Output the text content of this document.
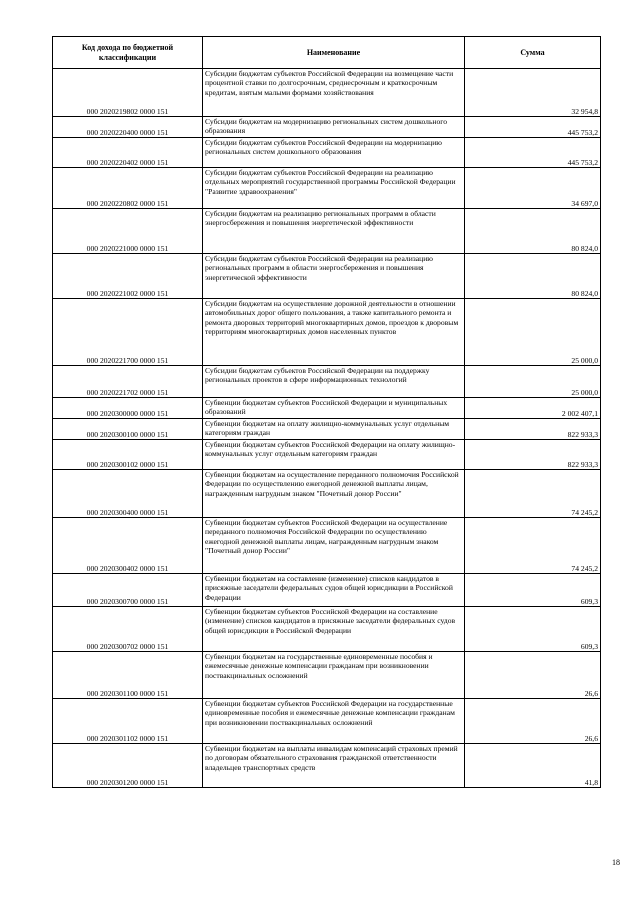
Код дохода по бюджетной классификации	Наименование	Сумма
000 2020219802 0000 151	Субсидии бюджетам субъектов Российской Федерации на возмещение части процентной ставки по долгосрочным, среднесрочным и краткосрочным кредитам, взятым малыми формами хозяйствования	32 954,8
000 2020220400 0000 151	Субсидии бюджетам на модернизацию региональных систем дошкольного образования	445 753,2
000 2020220402 0000 151	Субсидии бюджетам субъектов Российской Федерации на модернизацию региональных систем дошкольного образования	445 753,2
000 2020220802 0000 151	Субсидии бюджетам субъектов Российской Федерации на реализацию отдельных мероприятий государственной программы Российской Федерации "Развитие здравоохранения"	34 697,0
000 2020221000 0000 151	Субсидии бюджетам на реализацию региональных программ в области энергосбережения и повышения энергетической эффективности	80 824,0
000 2020221002 0000 151	Субсидии бюджетам субъектов Российской Федерации на реализацию региональных программ в области энергосбережения и повышения энергетической эффективности	80 824,0
000 2020221700 0000 151	Субсидии бюджетам на осуществление дорожной деятельности в отношении автомобильных дорог общего пользования, а также капитального ремонта и ремонта дворовых территорий многоквартирных домов, проездов к дворовым территориям многоквартирных домов населенных пунктов	25 000,0
000 2020221702 0000 151	Субсидии бюджетам субъектов Российской Федерации на поддержку региональных проектов в сфере информационных технологий	25 000,0
000 2020300000 0000 151	Субвенции бюджетам субъектов Российской Федерации и муниципальных образований	2 002 407,1
000 2020300100 0000 151	Субвенции бюджетам на оплату жилищно-коммунальных услуг отдельным категориям граждан	822 933,3
000 2020300102 0000 151	Субвенции бюджетам субъектов Российской Федерации на оплату жилищно-коммунальных услуг отдельным категориям граждан	822 933,3
000 2020300400 0000 151	Субвенции бюджетам на осуществление переданного полномочия Российской Федерации по осуществлению ежегодной денежной выплаты лицам, награжденным нагрудным знаком "Почетный донор России"	74 245,2
000 2020300402 0000 151	Субвенции бюджетам субъектов Российской Федерации на осуществление переданного полномочия Российской Федерации по осуществлению ежегодной денежной выплаты лицам, награжденным нагрудным знаком "Почетный донор России"	74 245,2
000 2020300700 0000 151	Субвенции бюджетам на составление (изменение) списков кандидатов в присяжные заседатели федеральных судов общей юрисдикции в Российской Федерации	609,3
000 2020300702 0000 151	Субвенции бюджетам субъектов Российской Федерации на составление (изменение) списков кандидатов в присяжные заседатели федеральных судов общей юрисдикции в Российской Федерации	609,3
000 2020301100 0000 151	Субвенции бюджетам на государственные единовременные пособия и ежемесячные денежные компенсации гражданам при возникновении поствакцинальных осложнений	26,6
000 2020301102 0000 151	Субвенции бюджетам субъектов Российской Федерации на государственные единовременные пособия и ежемесячные денежные компенсации гражданам при возникновении поствакцинальных осложнений	26,6
000 2020301200 0000 151	Субвенции бюджетам на выплаты инвалидам компенсаций страховых премий по договорам обязательного страхования гражданской ответственности владельцев транспортных средств	41,8
18
